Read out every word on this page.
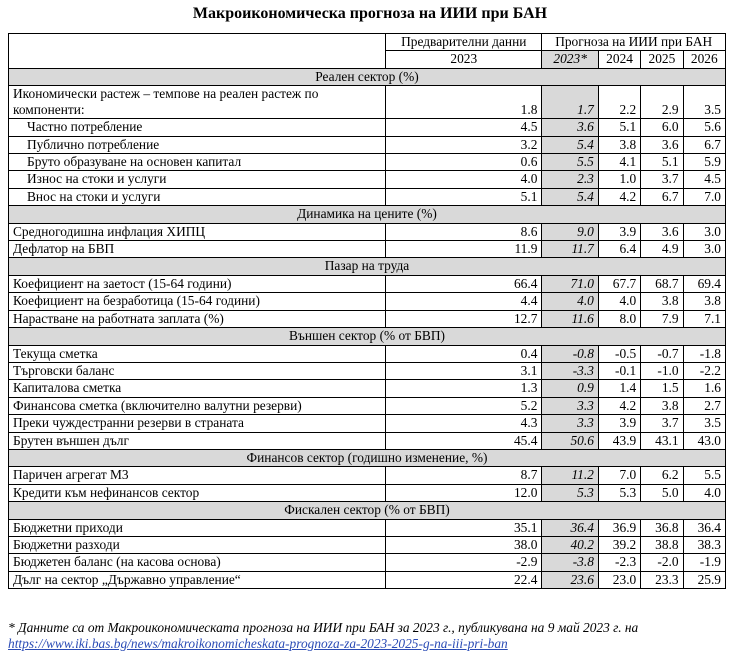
Макроикономическа прогноза на ИИИ при БАН
	Предварителни данни	Прогноза на ИИИ при БАН			
	2023	2023*	2024	2025	2026
Реален сектор (%)					
Икономически растеж – темпове на реален растеж по компоненти:	1.8	1.7	2.2	2.9	3.5
Частно потребление	4.5	3.6	5.1	6.0	5.6
Публично потребление	3.2	5.4	3.8	3.6	6.7
Бруто образуване на основен капитал	0.6	5.5	4.1	5.1	5.9
Износ на стоки и услуги	4.0	2.3	1.0	3.7	4.5
Внос на стоки и услуги	5.1	5.4	4.2	6.7	7.0
Динамика на цените (%)					
Средногодишна инфлация ХИПЦ	8.6	9.0	3.9	3.6	3.0
Дефлатор на БВП	11.9	11.7	6.4	4.9	3.0
Пазар на труда					
Коефициент на заетост (15-64 години)	66.4	71.0	67.7	68.7	69.4
Коефициент на безработица (15-64 години)	4.4	4.0	4.0	3.8	3.8
Нарастване на работната заплата (%)	12.7	11.6	8.0	7.9	7.1
Външен сектор (% от БВП)					
Текуща сметка	0.4	-0.8	-0.5	-0.7	-1.8
Търговски баланс	3.1	-3.3	-0.1	-1.0	-2.2
Капиталова сметка	1.3	0.9	1.4	1.5	1.6
Финансова сметка (включително валутни резерви)	5.2	3.3	4.2	3.8	2.7
Преки чуждестранни резерви в страната	4.3	3.3	3.9	3.7	3.5
Брутен външен дълг	45.4	50.6	43.9	43.1	43.0
Финансов сектор (годишно изменение, %)					
Паричен агрегат М3	8.7	11.2	7.0	6.2	5.5
Кредити към нефинансов сектор	12.0	5.3	5.3	5.0	4.0
Фискален сектор (% от БВП)					
Бюджетни приходи	35.1	36.4	36.9	36.8	36.4
Бюджетни разходи	38.0	40.2	39.2	38.8	38.3
Бюджетен баланс (на касова основа)	-2.9	-3.8	-2.3	-2.0	-1.9
Дълг на сектор „Държавно управление“	22.4	23.6	23.0	23.3	25.9
* Данните са от Макроикономическата прогноза на ИИИ при БАН за 2023 г., публикувана на 9 май 2023 г. на
https://www.iki.bas.bg/news/makroikonomicheskata-prognoza-za-2023-2025-g-na-iii-pri-ban
